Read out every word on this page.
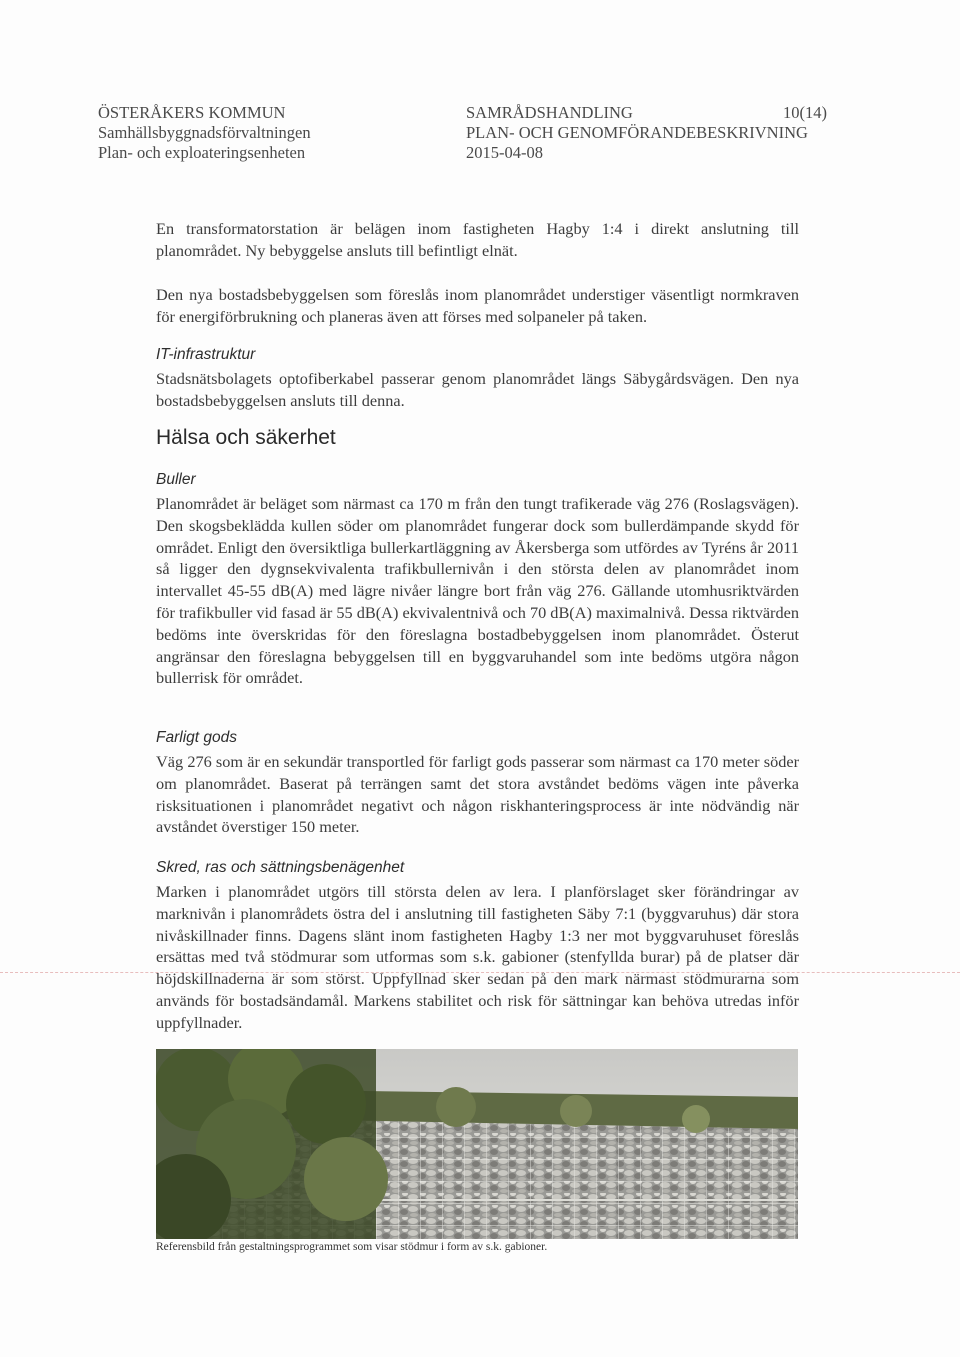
ÖSTERÅKERS KOMMUN
Samhällsbyggnadsförvaltningen
Plan- och exploateringsenheten
SAMRÅDSHANDLING
PLAN- OCH GENOMFÖRANDEBESKRIVNING
2015-04-08
10(14)
En transformatorstation är belägen inom fastigheten Hagby 1:4 i direkt anslutning till planområdet. Ny bebyggelse ansluts till befintligt elnät.
Den nya bostadsbebyggelsen som föreslås inom planområdet understiger väsentligt normkraven för energiförbrukning och planeras även att förses med solpaneler på taken.
IT-infrastruktur
Stadsnätsbolagets optofiberkabel passerar genom planområdet längs Säbygårdsvägen. Den nya bostadsbebyggelsen ansluts till denna.
Hälsa och säkerhet
Buller
Planområdet är beläget som närmast ca 170 m från den tungt trafikerade väg 276 (Roslagsvägen). Den skogsbeklädda kullen söder om planområdet fungerar dock som bullerdämpande skydd för området. Enligt den översiktliga bullerkartläggning av Åkersberga som utfördes av Tyréns år 2011 så ligger den dygnsekvivalenta trafikbullernivån i den största delen av planområdet inom intervallet 45-55 dB(A) med lägre nivåer längre bort från väg 276. Gällande utomhusriktvärden för trafikbuller vid fasad är 55 dB(A) ekvivalentnivå och 70 dB(A) maximalnivå. Dessa riktvärden bedöms inte överskridas för den föreslagna bostadbebyggelsen inom planområdet. Österut angränsar den föreslagna bebyggelsen till en byggvaruhandel som inte bedöms utgöra någon bullerrisk för området.
Farligt gods
Väg 276 som är en sekundär transportled för farligt gods passerar som närmast ca 170 meter söder om planområdet. Baserat på terrängen samt det stora avståndet bedöms vägen inte påverka risksituationen i planområdet negativt och någon riskhanteringsprocess är inte nödvändig när avståndet överstiger 150 meter.
Skred, ras och sättningsbenägenhet
Marken i planområdet utgörs till största delen av lera. I planförslaget sker förändringar av marknivån i planområdets östra del i anslutning till fastigheten Säby 7:1 (byggvaruhus) där stora nivåskillnader finns. Dagens slänt inom fastigheten Hagby 1:3 ner mot byggvaruhuset föreslås ersättas med två stödmurar som utformas som s.k. gabioner (stenfyllda burar) på de platser där höjdskillnaderna är som störst. Uppfyllnad sker sedan på den mark närmast stödmurarna som används för bostadsändamål. Markens stabilitet och risk för sättningar kan behöva utredas inför uppfyllnader.
Referensbild från gestaltningsprogrammet som visar stödmur i form av s.k. gabioner.
